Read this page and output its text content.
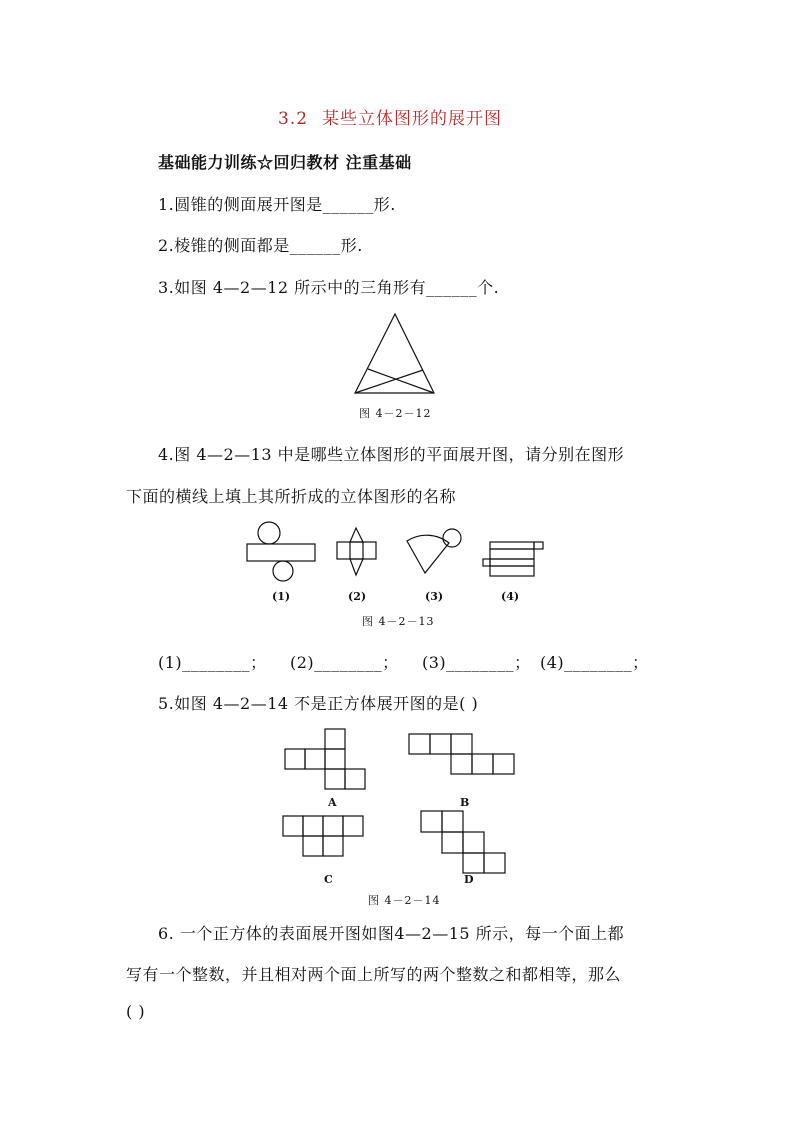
3.2 某些立体图形的展开图
基础能力训练☆回归教材 注重基础
1.圆锥的侧面展开图是______形.
2.棱锥的侧面都是______形.
3.如图 4—2—12 所示中的三角形有______个.
图 4－2－12
4.图 4—2—13 中是哪些立体图形的平面展开图，请分别在图形
下面的横线上填上其所折成的立体图形的名称
(1)	(2)	(3)	(4)
图 4－2－13
(1)________； (2)________； (3)________； (4)________；
5.如图 4—2—14 不是正方体展开图的是( )
A	B
C	D
图 4－2－14
6. 一个正方体的表面展开图如图4—2—15 所示，每一个面上都
写有一个整数，并且相对两个面上所写的两个整数之和都相等，那么
( )
